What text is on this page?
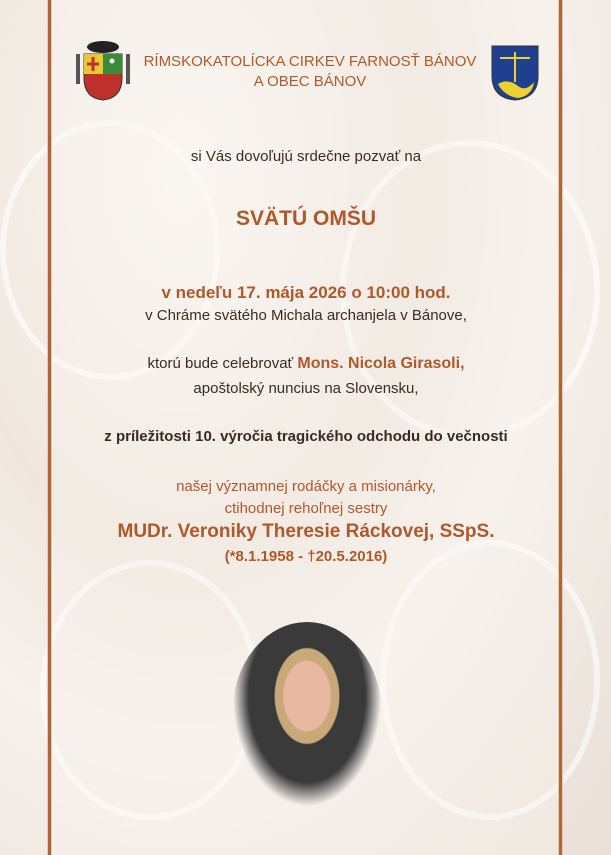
RÍMSKOKATOLÍCKA CIRKEV FARNOSŤ BÁNOV
A OBEC BÁNOV
si Vás dovoľujú srdečne pozvať na
SVÄTÚ OMŠU
v nedeľu 17. mája 2026 o 10:00 hod.
v Chráme svätého Michala archanjela v Bánove,
ktorú bude celebrovať Mons. Nicola Girasoli,
apoštolský nuncius na Slovensku,
z príležitosti 10. výročia tragického odchodu do večnosti
našej významnej rodáčky a misionárky,
ctihodnej rehoľnej sestry
MUDr. Veroniky Theresie Ráckovej, SSpS.
(*8.1.1958 - †20.5.2016)
